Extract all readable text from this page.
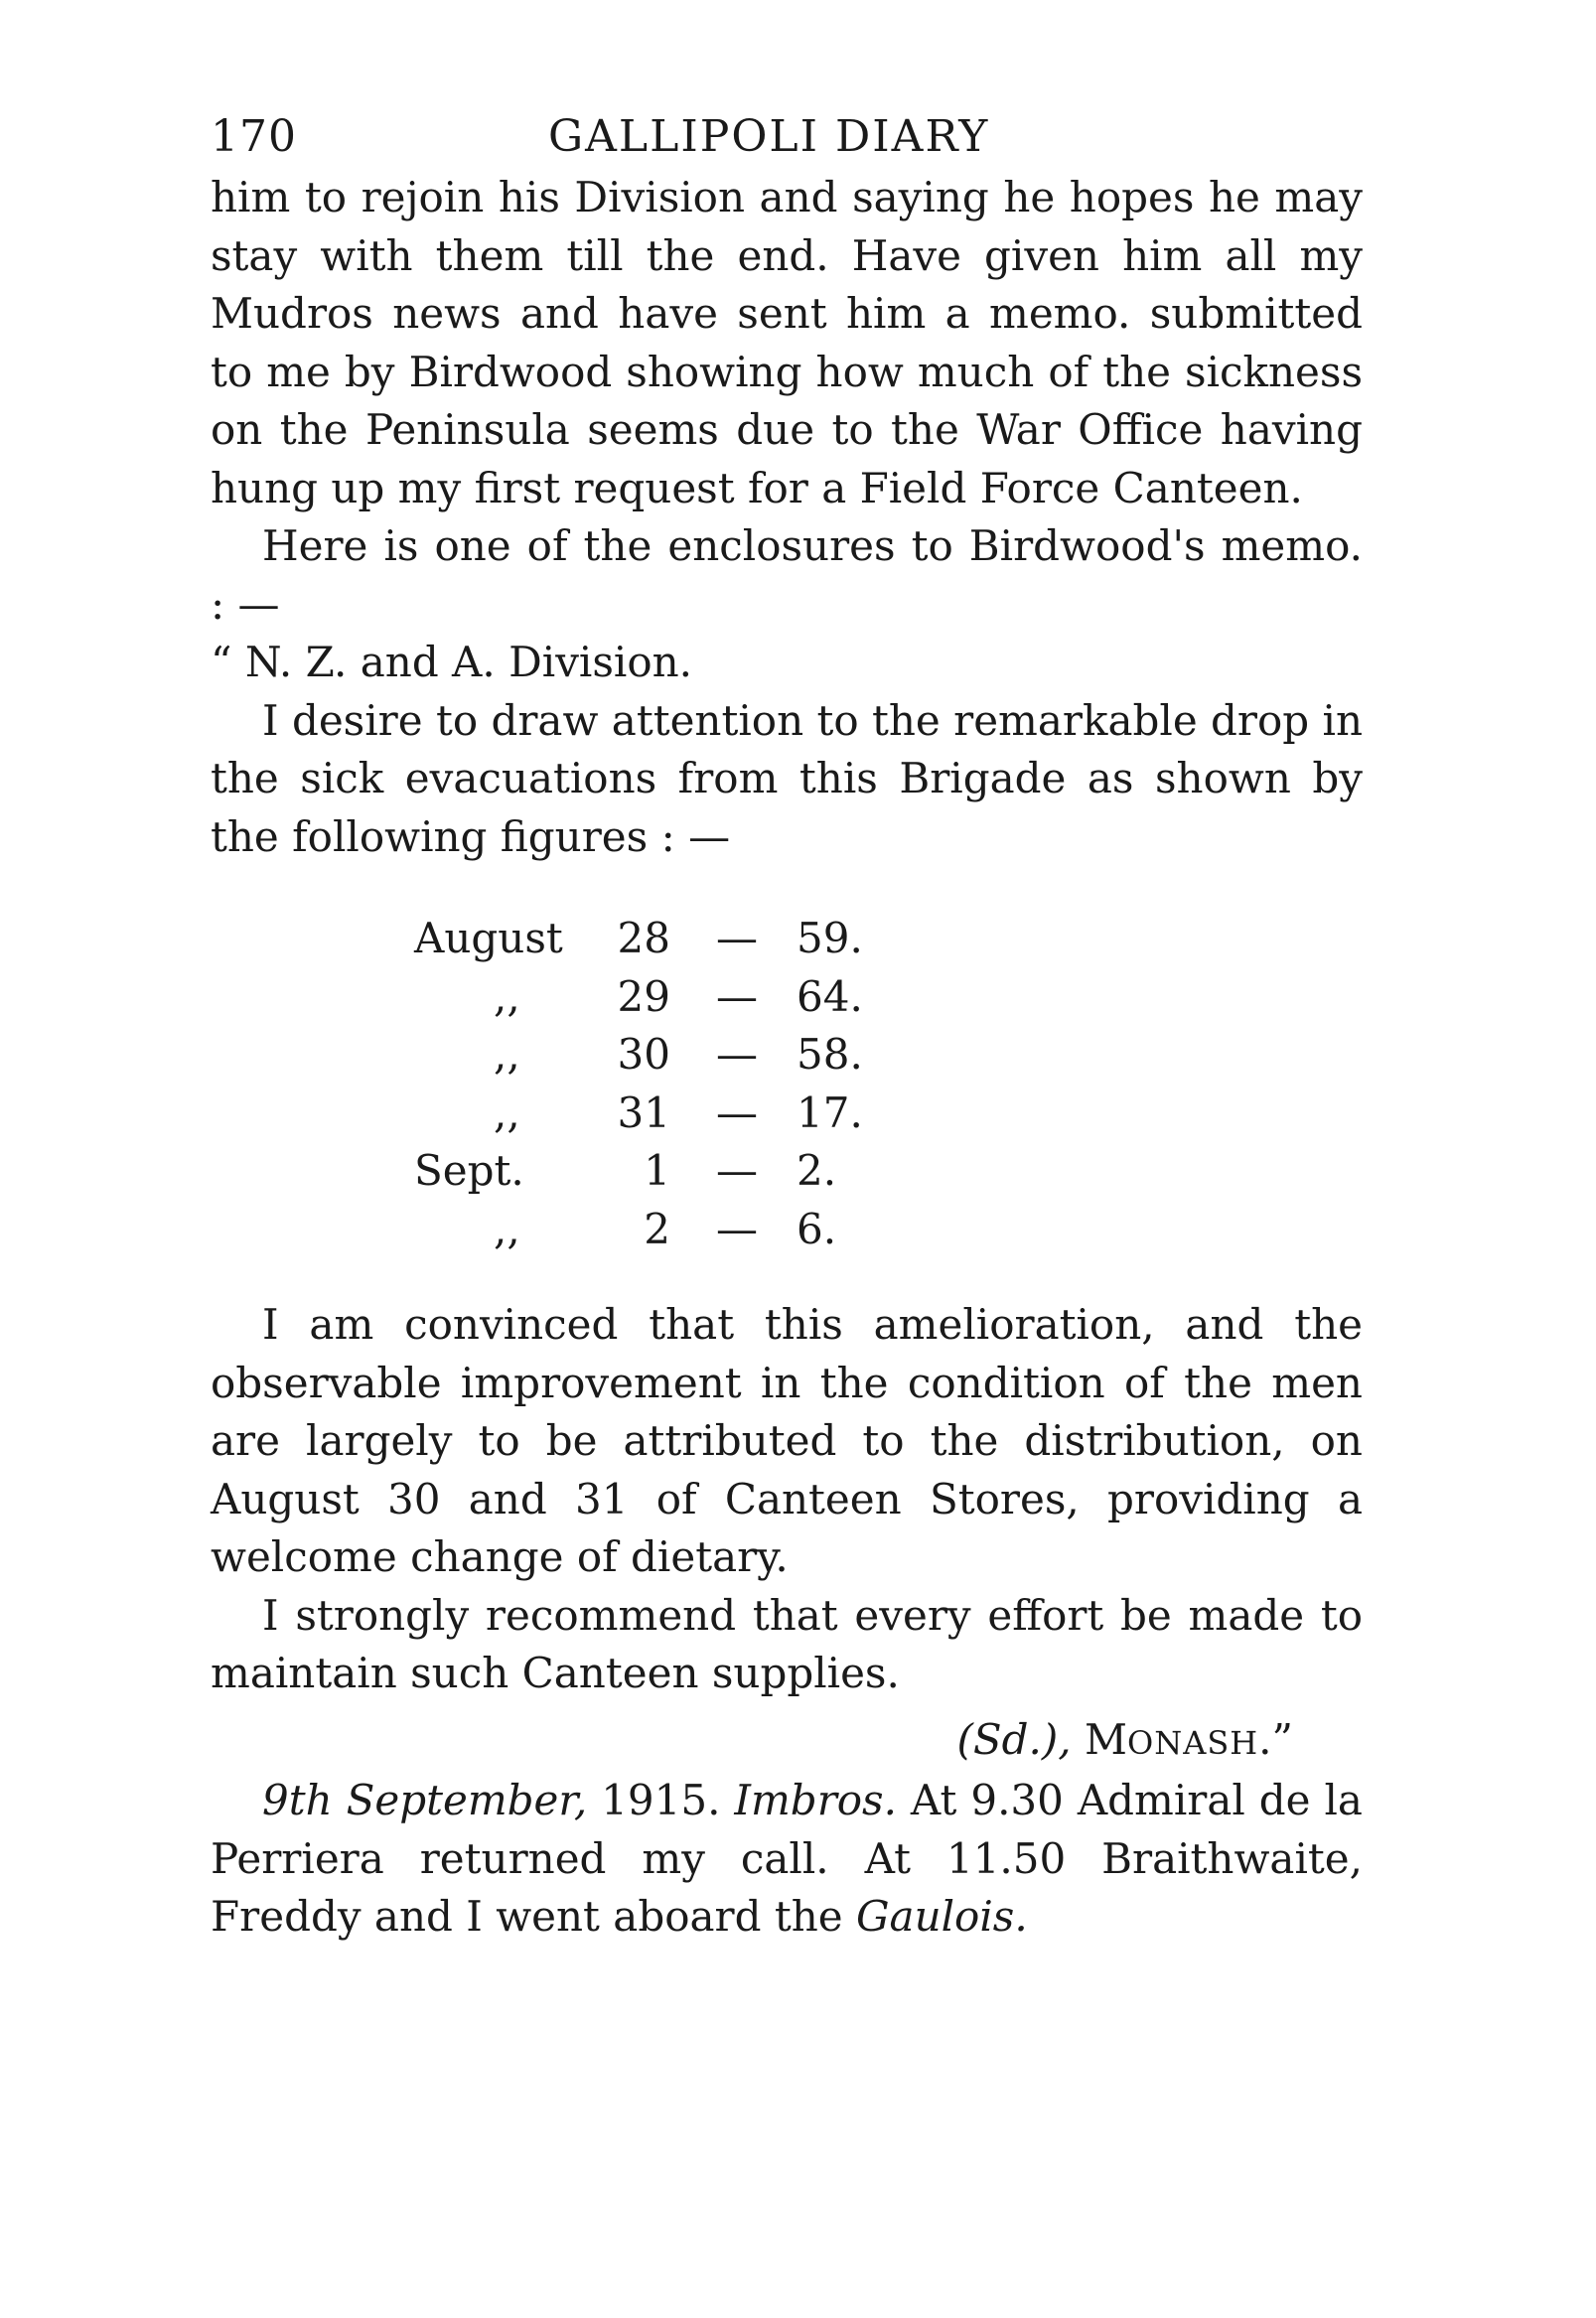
170	GALLIPOLI DIARY

him to rejoin his Division and saying he hopes he may stay with them till the end. Have given him all my Mudros news and have sent him a memo. submitted to me by Birdwood showing how much of the sickness on the Peninsula seems due to the War Office having hung up my first request for a Field Force Canteen.

Here is one of the enclosures to Birdwood's memo. : —

“ N. Z. and A. Division.

I desire to draw attention to the remarkable drop in the sick evacuations from this Brigade as shown by the following figures : —

August	28 — 59.
,,	29 — 64.
,,	30 — 58.
,,	31 — 17.
Sept.	1 — 2.
,,	2 — 6.

I am convinced that this amelioration, and the observable improvement in the condition of the men are largely to be attributed to the distribution, on August 30 and 31 of Canteen Stores, providing a welcome change of dietary.

I strongly recommend that every effort be made to maintain such Canteen supplies.

(Sd.), MONASH.”

9th September, 1915. Imbros. At 9.30 Admiral de la Perriera returned my call. At 11.50 Braithwaite, Freddy and I went aboard the Gaulois.
